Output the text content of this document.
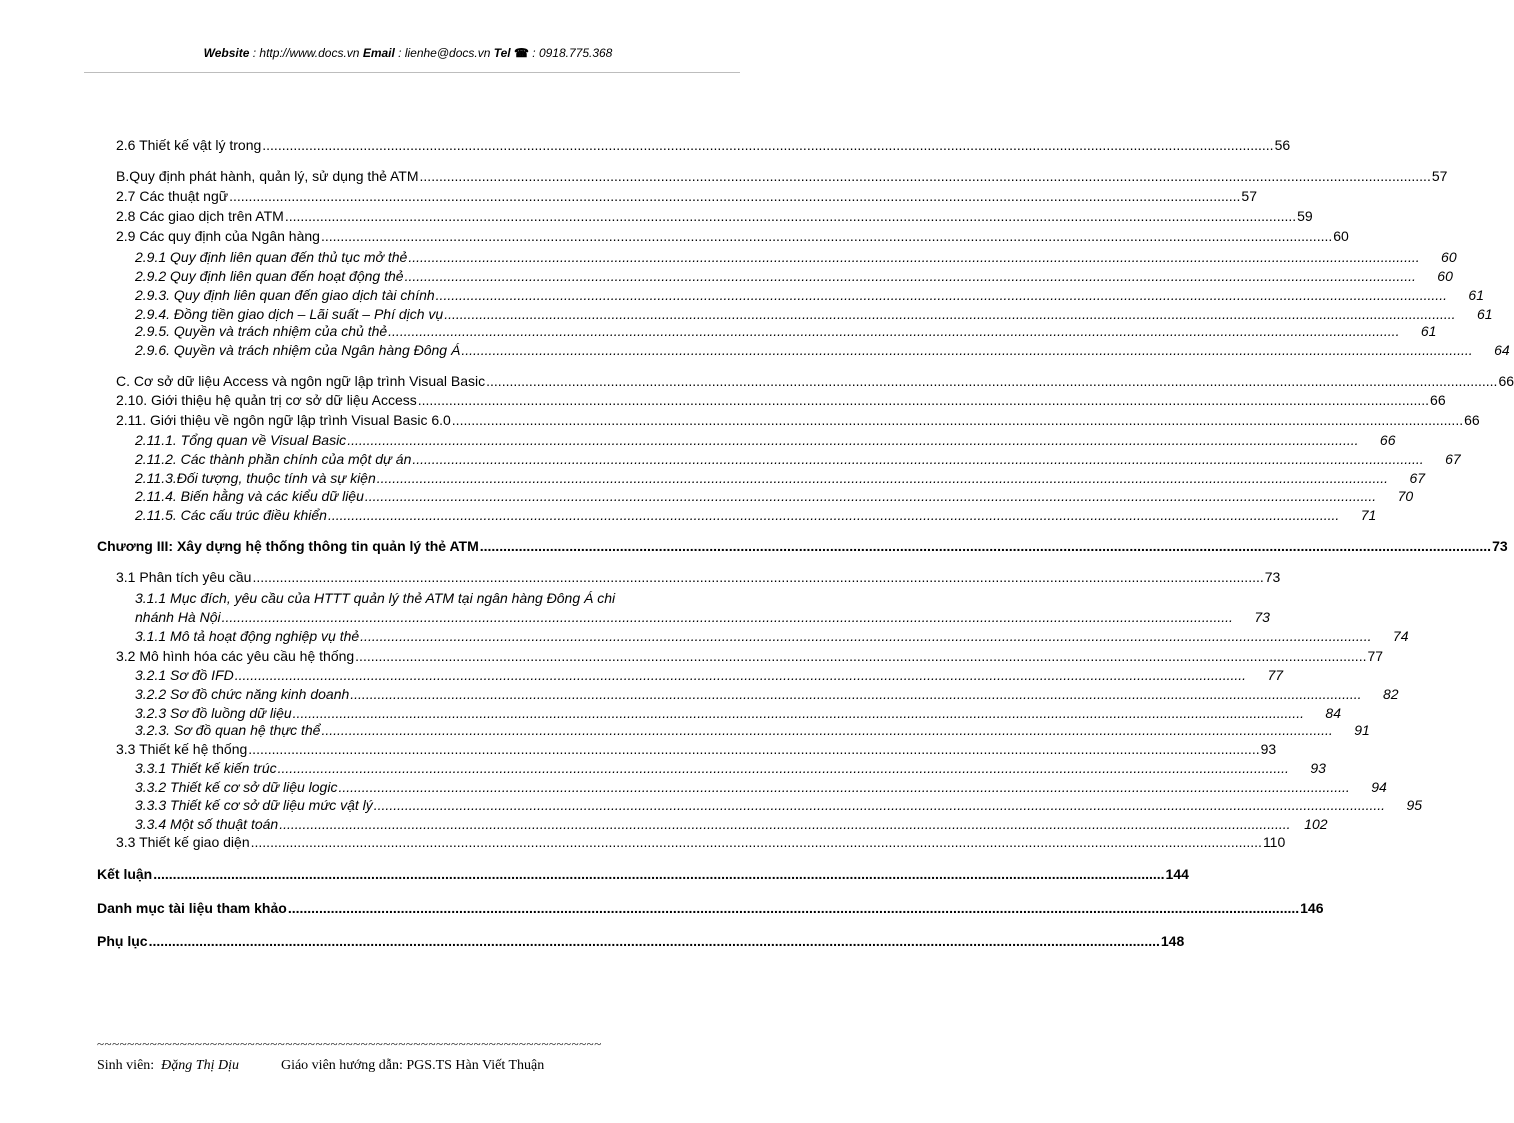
Website : http://www.docs.vn Email : lienhe@docs.vn Tel ☎ : 0918.775.368
2.6 Thiết kế vật lý trong .................................................................................................................................................................................................................................................................... 56
B.Quy định phát hành, quản lý, sử dụng thẻ ATM .................................................................................................................................................................................................................................................................... 57
2.7 Các thuật ngữ .................................................................................................................................................................................................................................................................... 57
2.8 Các giao dịch trên ATM .................................................................................................................................................................................................................................................................... 59
2.9 Các quy định của Ngân hàng .................................................................................................................................................................................................................................................................... 60
2.9.1 Quy định liên quan đến thủ tục mở thẻ ....................................................................................................................................................................................................................................................................	60
2.9.2 Quy định liên quan đến hoạt động thẻ ....................................................................................................................................................................................................................................................................	60
2.9.3. Quy định liên quan đến giao dịch tài chính ....................................................................................................................................................................................................................................................................	61
2.9.4. Đồng tiền giao dịch – Lãi suất – Phí dịch vụ ....................................................................................................................................................................................................................................................................	61
2.9.5. Quyền và trách nhiệm của chủ thẻ ....................................................................................................................................................................................................................................................................	61
2.9.6. Quyền và trách nhiệm của Ngân hàng Đông Á ....................................................................................................................................................................................................................................................................	64
C. Cơ sở dữ liệu Access và ngôn ngữ lập trình Visual Basic .................................................................................................................................................................................................................................................................... 66
2.10. Giới thiệu hệ quản trị cơ sở dữ liệu Access .................................................................................................................................................................................................................................................................... 66
2.11. Giới thiệu về ngôn ngữ lập trình Visual Basic 6.0 .................................................................................................................................................................................................................................................................... 66
2.11.1. Tổng quan về Visual Basic ....................................................................................................................................................................................................................................................................	66
2.11.2. Các thành phần chính của một dự án ....................................................................................................................................................................................................................................................................	67
2.11.3.Đối tượng, thuộc tính và sự kiện ....................................................................................................................................................................................................................................................................	67
2.11.4. Biến hằng và các kiểu dữ liệu ....................................................................................................................................................................................................................................................................	70
2.11.5. Các cấu trúc điều khiển ....................................................................................................................................................................................................................................................................	71
Chương III: Xây dựng hệ thống thông tin quản lý thẻ ATM .................................................................................................................................................................................................................................................................... 73
3.1 Phân tích yêu cầu .................................................................................................................................................................................................................................................................... 73
3.1.1 Mục đích, yêu cầu của HTTT quản lý thẻ ATM tại ngân hàng Đông Á chi
nhánh Hà Nội ....................................................................................................................................................................................................................................................................	73
3.1.1 Mô tả hoạt động nghiệp vụ thẻ ....................................................................................................................................................................................................................................................................	74
3.2 Mô hình hóa các yêu cầu hệ thống .................................................................................................................................................................................................................................................................... 77
3.2.1 Sơ đồ IFD ....................................................................................................................................................................................................................................................................	77
3.2.2 Sơ đồ chức năng kinh doanh ....................................................................................................................................................................................................................................................................	82
3.2.3 Sơ đồ luồng dữ liệu ....................................................................................................................................................................................................................................................................	84
3.2.3. Sơ đồ quan hệ thực thể ....................................................................................................................................................................................................................................................................	91
3.3 Thiết kế hệ thống .................................................................................................................................................................................................................................................................... 93
3.3.1 Thiết kế kiến trúc ....................................................................................................................................................................................................................................................................	93
3.3.2 Thiết kế cơ sở dữ liệu logic ....................................................................................................................................................................................................................................................................	94
3.3.3 Thiết kế cơ sở dữ liệu mức vật lý ....................................................................................................................................................................................................................................................................	95
3.3.4 Một số thuật toán .................................................................................................................................................................................................................................................................... 102
3.3 Thiết kế giao diện .................................................................................................................................................................................................................................................................... 110
Kết luận .................................................................................................................................................................................................................................................................... 144
Danh mục tài liệu tham khảo .................................................................................................................................................................................................................................................................... 146
Phụ lục .................................................................................................................................................................................................................................................................... 148
~~~~~~~~~~~~~~~~~~~~~~~~~~~~~~~~~~~~~~~~~~~~~~~~~~~~~~~~~~~~~~~~~~~
Sinh viên: Đặng Thị Dịu	Giáo viên hướng dẫn: PGS.TS Hàn Viết Thuận
